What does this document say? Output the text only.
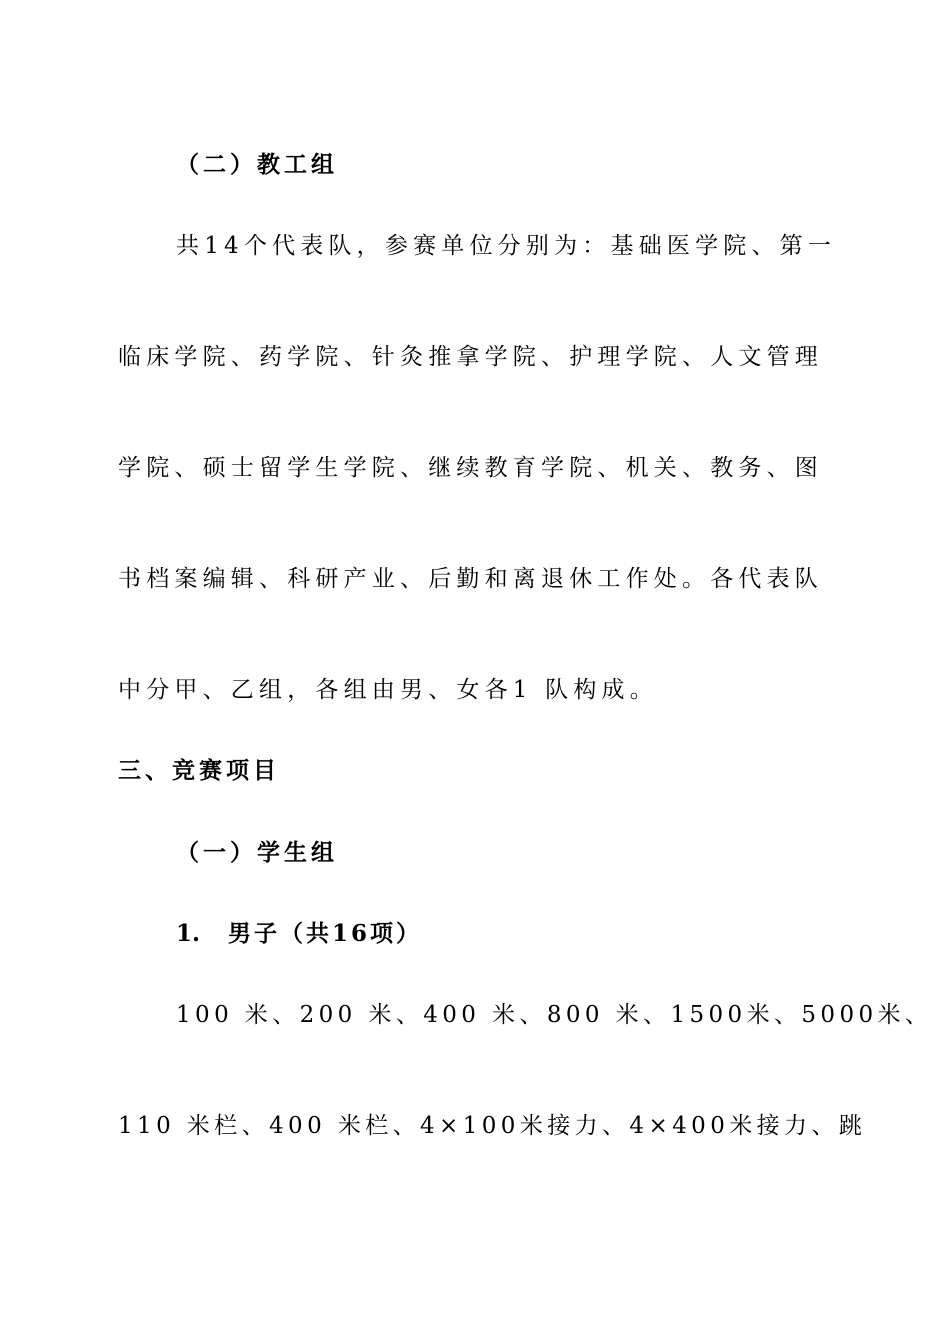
（二）教工组
共14个代表队，参赛单位分别为：基础医学院、第一
临床学院、药学院、针灸推拿学院、护理学院、人文管理
学院、硕士留学生学院、继续教育学院、机关、教务、图
书档案编辑、科研产业、后勤和离退休工作处。各代表队
中分甲、乙组，各组由男、女各1 队构成。
三、竞赛项目
（一）学生组
1. 男子（共16项）
100 米、200 米、400 米、800 米、1500米、5000米、
110 米栏、400 米栏、4×100米接力、4×400米接力、跳
